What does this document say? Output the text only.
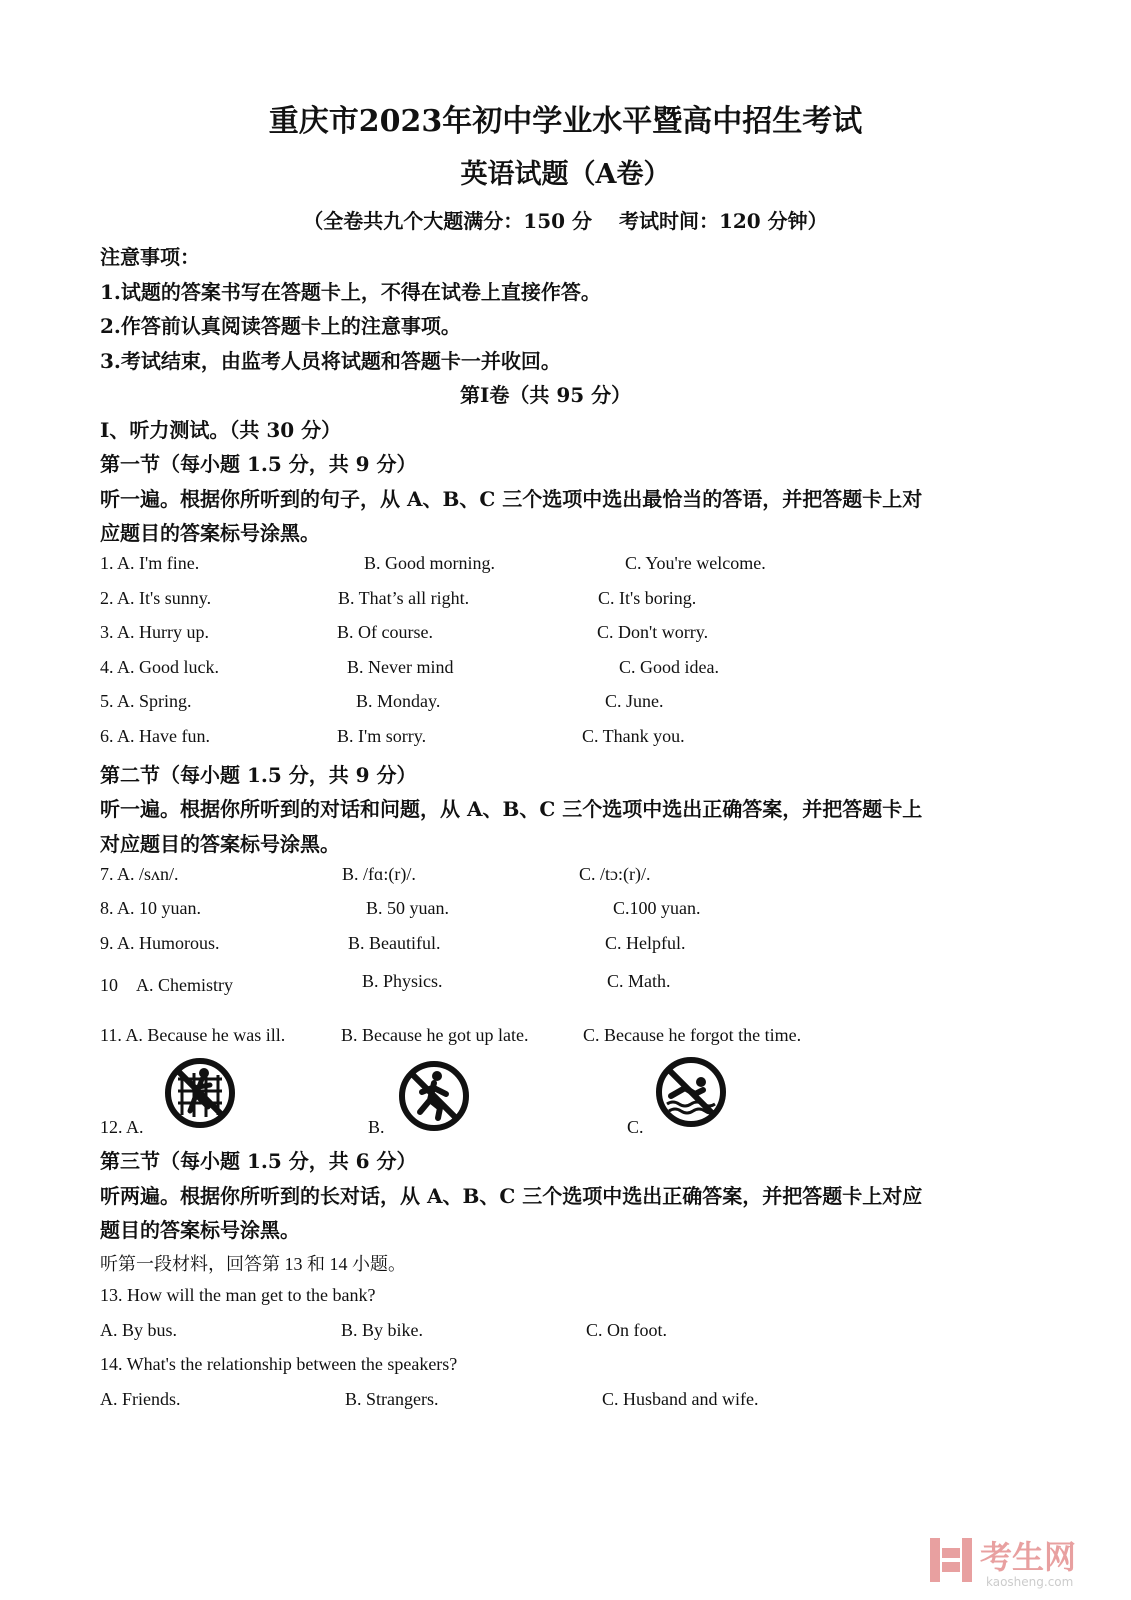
重庆市2023年初中学业水平暨高中招生考试
英语试题（A卷）
（全卷共九个大题满分：150 分　 考试时间：120 分钟）
注意事项：
1.试题的答案书写在答题卡上，不得在试卷上直接作答。
2.作答前认真阅读答题卡上的注意事项。
3.考试结束，由监考人员将试题和答题卡一并收回。
第Ⅰ卷（共 95 分）
Ⅰ、听力测试。（共 30 分）
第一节（每小题 1.5 分，共 9 分）
听一遍。根据你所听到的句子，从 A、B、C 三个选项中选出最恰当的答语，并把答题卡上对
应题目的答案标号涂黑。
1. A. I'm fine.	B. Good morning.	C. You're welcome.
2. A. It's sunny.	B. That’s all right.	C. It's boring.
3. A. Hurry up.	B. Of course.	C. Don't worry.
4. A. Good luck.	B. Never mind	C. Good idea.
5. A. Spring.	B. Monday.	C. June.
6. A. Have fun.	B. I'm sorry.	C. Thank you.
第二节（每小题 1.5 分，共 9 分）
听一遍。根据你所听到的对话和问题，从 A、B、C 三个选项中选出正确答案，并把答题卡上
对应题目的答案标号涂黑。
7. A. /sʌn/.	B. /fɑ:(r)/.	C. /tɔ:(r)/.
8. A. 10 yuan.	B. 50 yuan.	C.100 yuan.
9. A. Humorous.	B. Beautiful.	C. Helpful.
10　A. Chemistry	B. Physics.	C. Math.
11. A. Because he was ill.	B. Because he got up late.	C. Because he forgot the time.
12. A.	B.	C.
第三节（每小题 1.5 分，共 6 分）
听两遍。根据你所听到的长对话，从 A、B、C 三个选项中选出正确答案，并把答题卡上对应
题目的答案标号涂黑。
听第一段材料，回答第 13 和 14 小题。
13. How will the man get to the bank?
A. By bus.	B. By bike.	C. On foot.
14. What's the relationship between the speakers?
A. Friends.	B. Strangers.	C. Husband and wife.
考生网
kaosheng.com
